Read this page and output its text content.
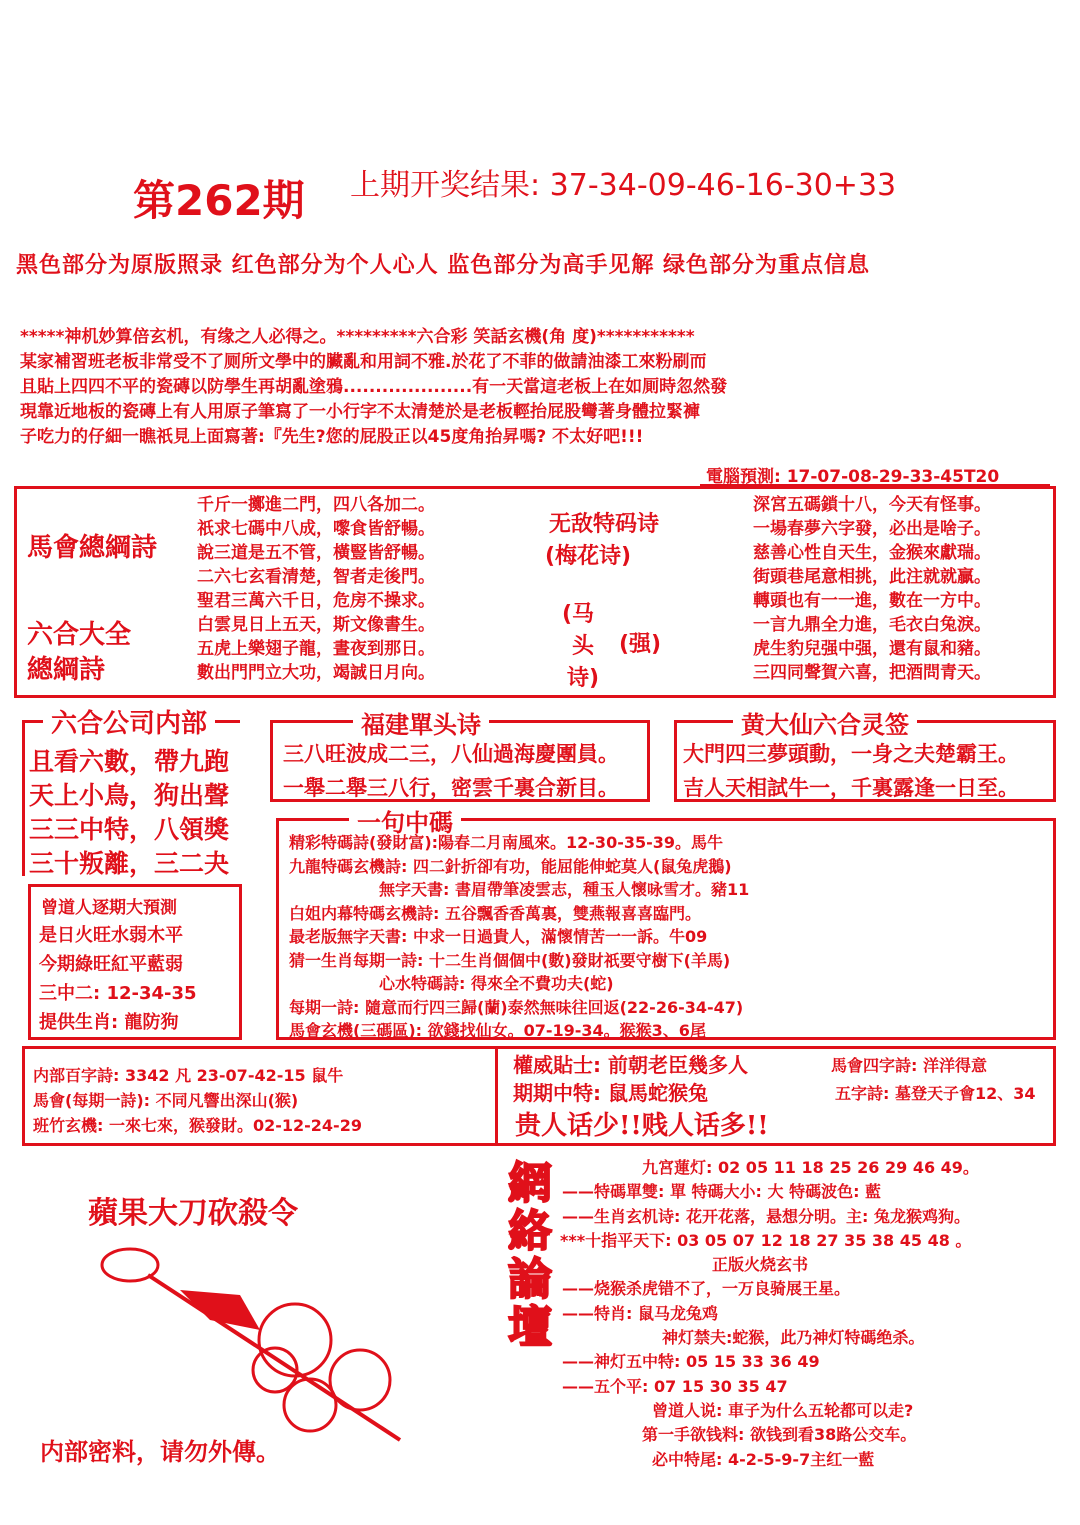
第262期 上期开奖结果: 37-34-09-46-16-30+33
黑色部分为原版照录 红色部分为个人心人 监色部分为高手见解 绿色部分为重点信息
*****神机妙算倍玄机，有缘之人必得之。*********六合彩 笑話玄機(角 度)***********
某家補習班老板非常受不了厕所文學中的臟亂和用詞不雅.於花了不菲的做請油漆工來粉刷而
且貼上四四不平的瓷磚以防學生再胡亂塗鴉....................有一天當這老板上在如厠時忽然發
現靠近地板的瓷磚上有人用原子筆寫了一小行字不太清楚於是老板輕抬屁股彎著身體拉緊褲
子吃力的仔細一瞧祇見上面寫著:『先生?您的屁股正以45度角抬昇嗎? 不太好吧!!!
電腦預測: 17-07-08-29-33-45T20
馬會總綱詩
六合大全
總綱詩
千斤一擲進二門，四八各加二。
祇求七碼中八成，嚟食皆舒暢。
說三道是五不管，橫豎皆舒暢。
二六七玄看清楚，智者走後門。
聖君三萬六千日，危房不操求。
白雲見日上五天，斯文像書生。
五虎上樂翅子龍，晝夜到那日。
數出門門立大功，竭誠日月向。
无敌特码诗
(梅花诗)
(马
头 (强)
诗)
深宮五碼鎖十八，今天有怪事。
一場春夢六字發，必出是啥子。
慈善心性自天生，金猴來獻瑞。
街頭巷尾意相挑，此注就就贏。
轉頭也有一一進，數在一方中。
一言九鼎全力進，毛衣白兔淚。
虎生豹兒强中强，還有鼠和豬。
三四同聲賀六喜，把酒問青天。
六合公司内部
且看六數，帶九跑
天上小鳥，狗出聲
三三中特，八領獎
三十叛離，三二夬
福建單头诗
三八旺波成二三，八仙過海慶團員。
一舉二舉三八行，密雲千裏合新目。
黄大仙六合灵签
大門四三夢頭動，一身之夫楚霸王。
吉人天相試牛一，千裏露逢一日至。
一句中碼
精彩特碼詩(發財富):陽春二月南風來。12-30-35-39。馬牛
九龍特碼玄機詩: 四二針折卻有功，能屈能伸蛇莫人(鼠兔虎鵝)
無字天書: 書眉帶筆凌雲志，種玉人懷咏雪才。豬11
白姐内幕特碼玄機詩: 五谷飄香香萬裏，雙燕報喜喜臨門。
最老版無字天書: 中求一日過貴人，滿懷情苦一一訴。牛09
猜一生肖每期一詩: 十二生肖個個中(數)發財祇要守樹下(羊馬)
心水特碼詩: 得來全不費功夫(蛇)
每期一詩: 隨意而行四三歸(蘭)泰然無味往回返(22-26-34-47)
馬會玄機(三碼區): 欲錢找仙女。07-19-34。猴猴3、6尾
曾道人逐期大預測
是日火旺水弱木平
今期綠旺紅平藍弱
三中二: 12-34-35
提供生肖: 龍防狗
内部百字詩: 3342 凡 23-07-42-15 鼠牛
馬會(每期一詩): 不同凡響出深山(猴)
班竹玄機: 一來七來，猴發財。02-12-24-29
權威貼士: 前朝老臣幾多人	馬會四字詩: 洋洋得意
期期中特: 鼠馬蛇猴兔	五字詩: 墓登天子會12、34
贵人话少!!贱人话多!!
蘋果大刀砍殺令
内部密料，请勿外傳。
網
絡
論
壇
九宮蓮灯: 02 05 11 18 25 26 29 46 49。
——特碼單雙: 單 特碼大小: 大 特碼波色: 藍
——生肖玄机诗: 花开花落，悬想分明。主: 兔龙猴鸡狗。
***十指平天下: 03 05 07 12 18 27 35 38 45 48 。
正版火烧玄书
——烧猴杀虎错不了，一万良骑展王星。
——特肖: 鼠马龙兔鸡
神灯禁夫:蛇猴，此乃神灯特碼绝杀。
——神灯五中特: 05 15 33 36 49
——五个平: 07 15 30 35 47
曾道人说: 車子为什么五轮都可以走?
第一手欲钱料: 欲钱到看38路公交车。
必中特尾: 4-2-5-9-7主红一藍
